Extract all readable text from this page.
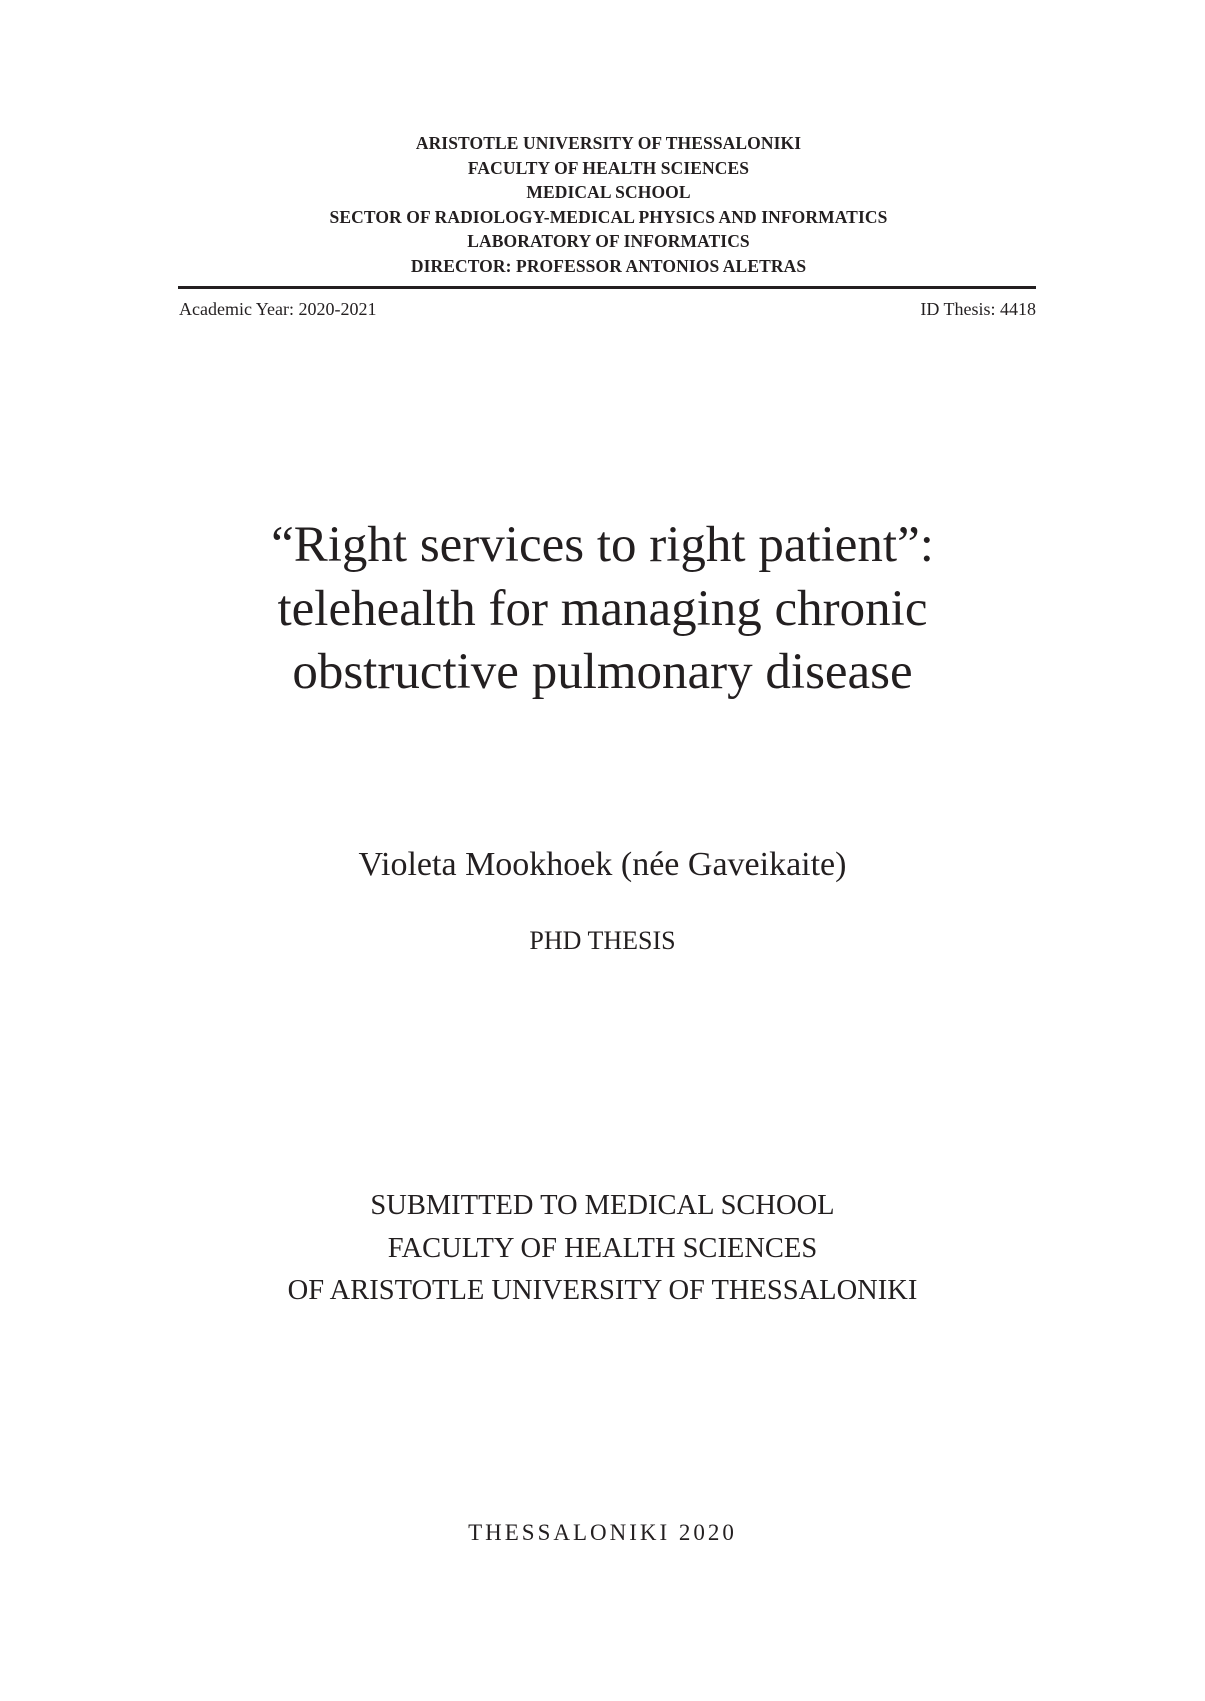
ARISTOTLE UNIVERSITY OF THESSALONIKI
FACULTY OF HEALTH SCIENCES
MEDICAL SCHOOL
SECTOR OF RADIOLOGY-MEDICAL PHYSICS AND INFORMATICS
LABORATORY OF INFORMATICS
DIRECTOR: PROFESSOR ANTONIOS ALETRAS
Academic Year: 2020-2021	ID Thesis: 4418
“Right services to right patient”:
telehealth for managing chronic
obstructive pulmonary disease
Violeta Mookhoek (née Gaveikaite)
PHD THESIS
SUBMITTED TO MEDICAL SCHOOL
FACULTY OF HEALTH SCIENCES
OF ARISTOTLE UNIVERSITY OF THESSALONIKI
THESSALONIKI 2020
